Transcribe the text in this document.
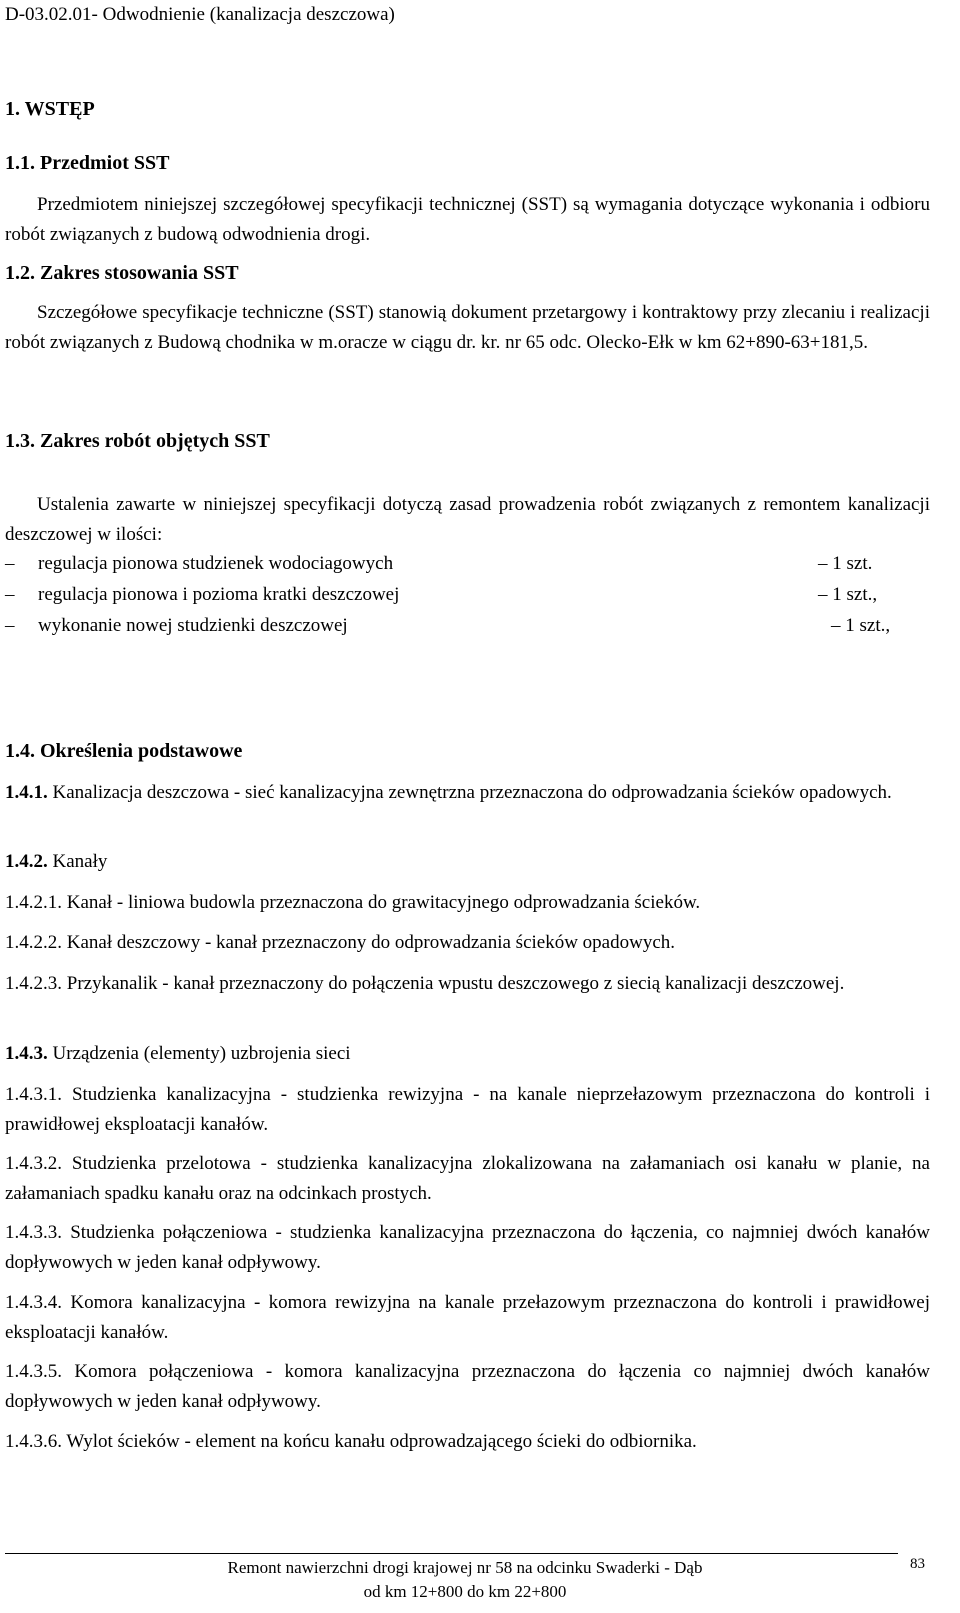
D-03.02.01- Odwodnienie (kanalizacja deszczowa)

1. WSTĘP

1.1. Przedmiot SST

Przedmiotem niniejszej szczegółowej specyfikacji technicznej (SST) są wymagania dotyczące wykonania i odbioru robót związanych z budową odwodnienia drogi.

1.2. Zakres stosowania SST

Szczegółowe specyfikacje techniczne (SST) stanowią dokument przetargowy i kontraktowy przy zlecaniu i realizacji robót związanych z Budową chodnika w m.oracze w ciągu dr. kr. nr 65 odc. Olecko-Ełk w km 62+890-63+181,5.

1.3. Zakres robót objętych SST

Ustalenia zawarte w niniejszej specyfikacji dotyczą zasad prowadzenia robót związanych z remontem kanalizacji deszczowej w ilości:

– regulacja pionowa studzienek wodociagowych	– 1 szt.
– regulacja pionowa i pozioma kratki deszczowej	– 1 szt.,
– wykonanie nowej studzienki deszczowej	– 1 szt.,

1.4. Określenia podstawowe

1.4.1. Kanalizacja deszczowa - sieć kanalizacyjna zewnętrzna przeznaczona do odprowadzania ścieków opadowych.

1.4.2. Kanały

1.4.2.1. Kanał - liniowa budowla przeznaczona do grawitacyjnego odprowadzania ścieków.

1.4.2.2. Kanał deszczowy - kanał przeznaczony do odprowadzania ścieków opadowych.

1.4.2.3. Przykanalik - kanał przeznaczony do połączenia wpustu deszczowego z siecią kanalizacji deszczowej.

1.4.3. Urządzenia (elementy) uzbrojenia sieci

1.4.3.1. Studzienka kanalizacyjna - studzienka rewizyjna - na kanale nieprzełazowym przeznaczona do kontroli i prawidłowej eksploatacji kanałów.

1.4.3.2. Studzienka przelotowa - studzienka kanalizacyjna zlokalizowana na załamaniach osi kanału w planie, na załamaniach spadku kanału oraz na odcinkach prostych.

1.4.3.3. Studzienka połączeniowa - studzienka kanalizacyjna przeznaczona do łączenia, co najmniej dwóch kanałów dopływowych w jeden kanał odpływowy.

1.4.3.4. Komora kanalizacyjna - komora rewizyjna na kanale przełazowym przeznaczona do kontroli i prawidłowej eksploatacji kanałów.

1.4.3.5. Komora połączeniowa - komora kanalizacyjna przeznaczona do łączenia co najmniej dwóch kanałów dopływowych w jeden kanał odpływowy.

1.4.3.6. Wylot ścieków - element na końcu kanału odprowadzającego ścieki do odbiornika.

Remont nawierzchni drogi krajowej nr 58 na odcinku Swaderki - Dąb
od km 12+800 do km 22+800
83
